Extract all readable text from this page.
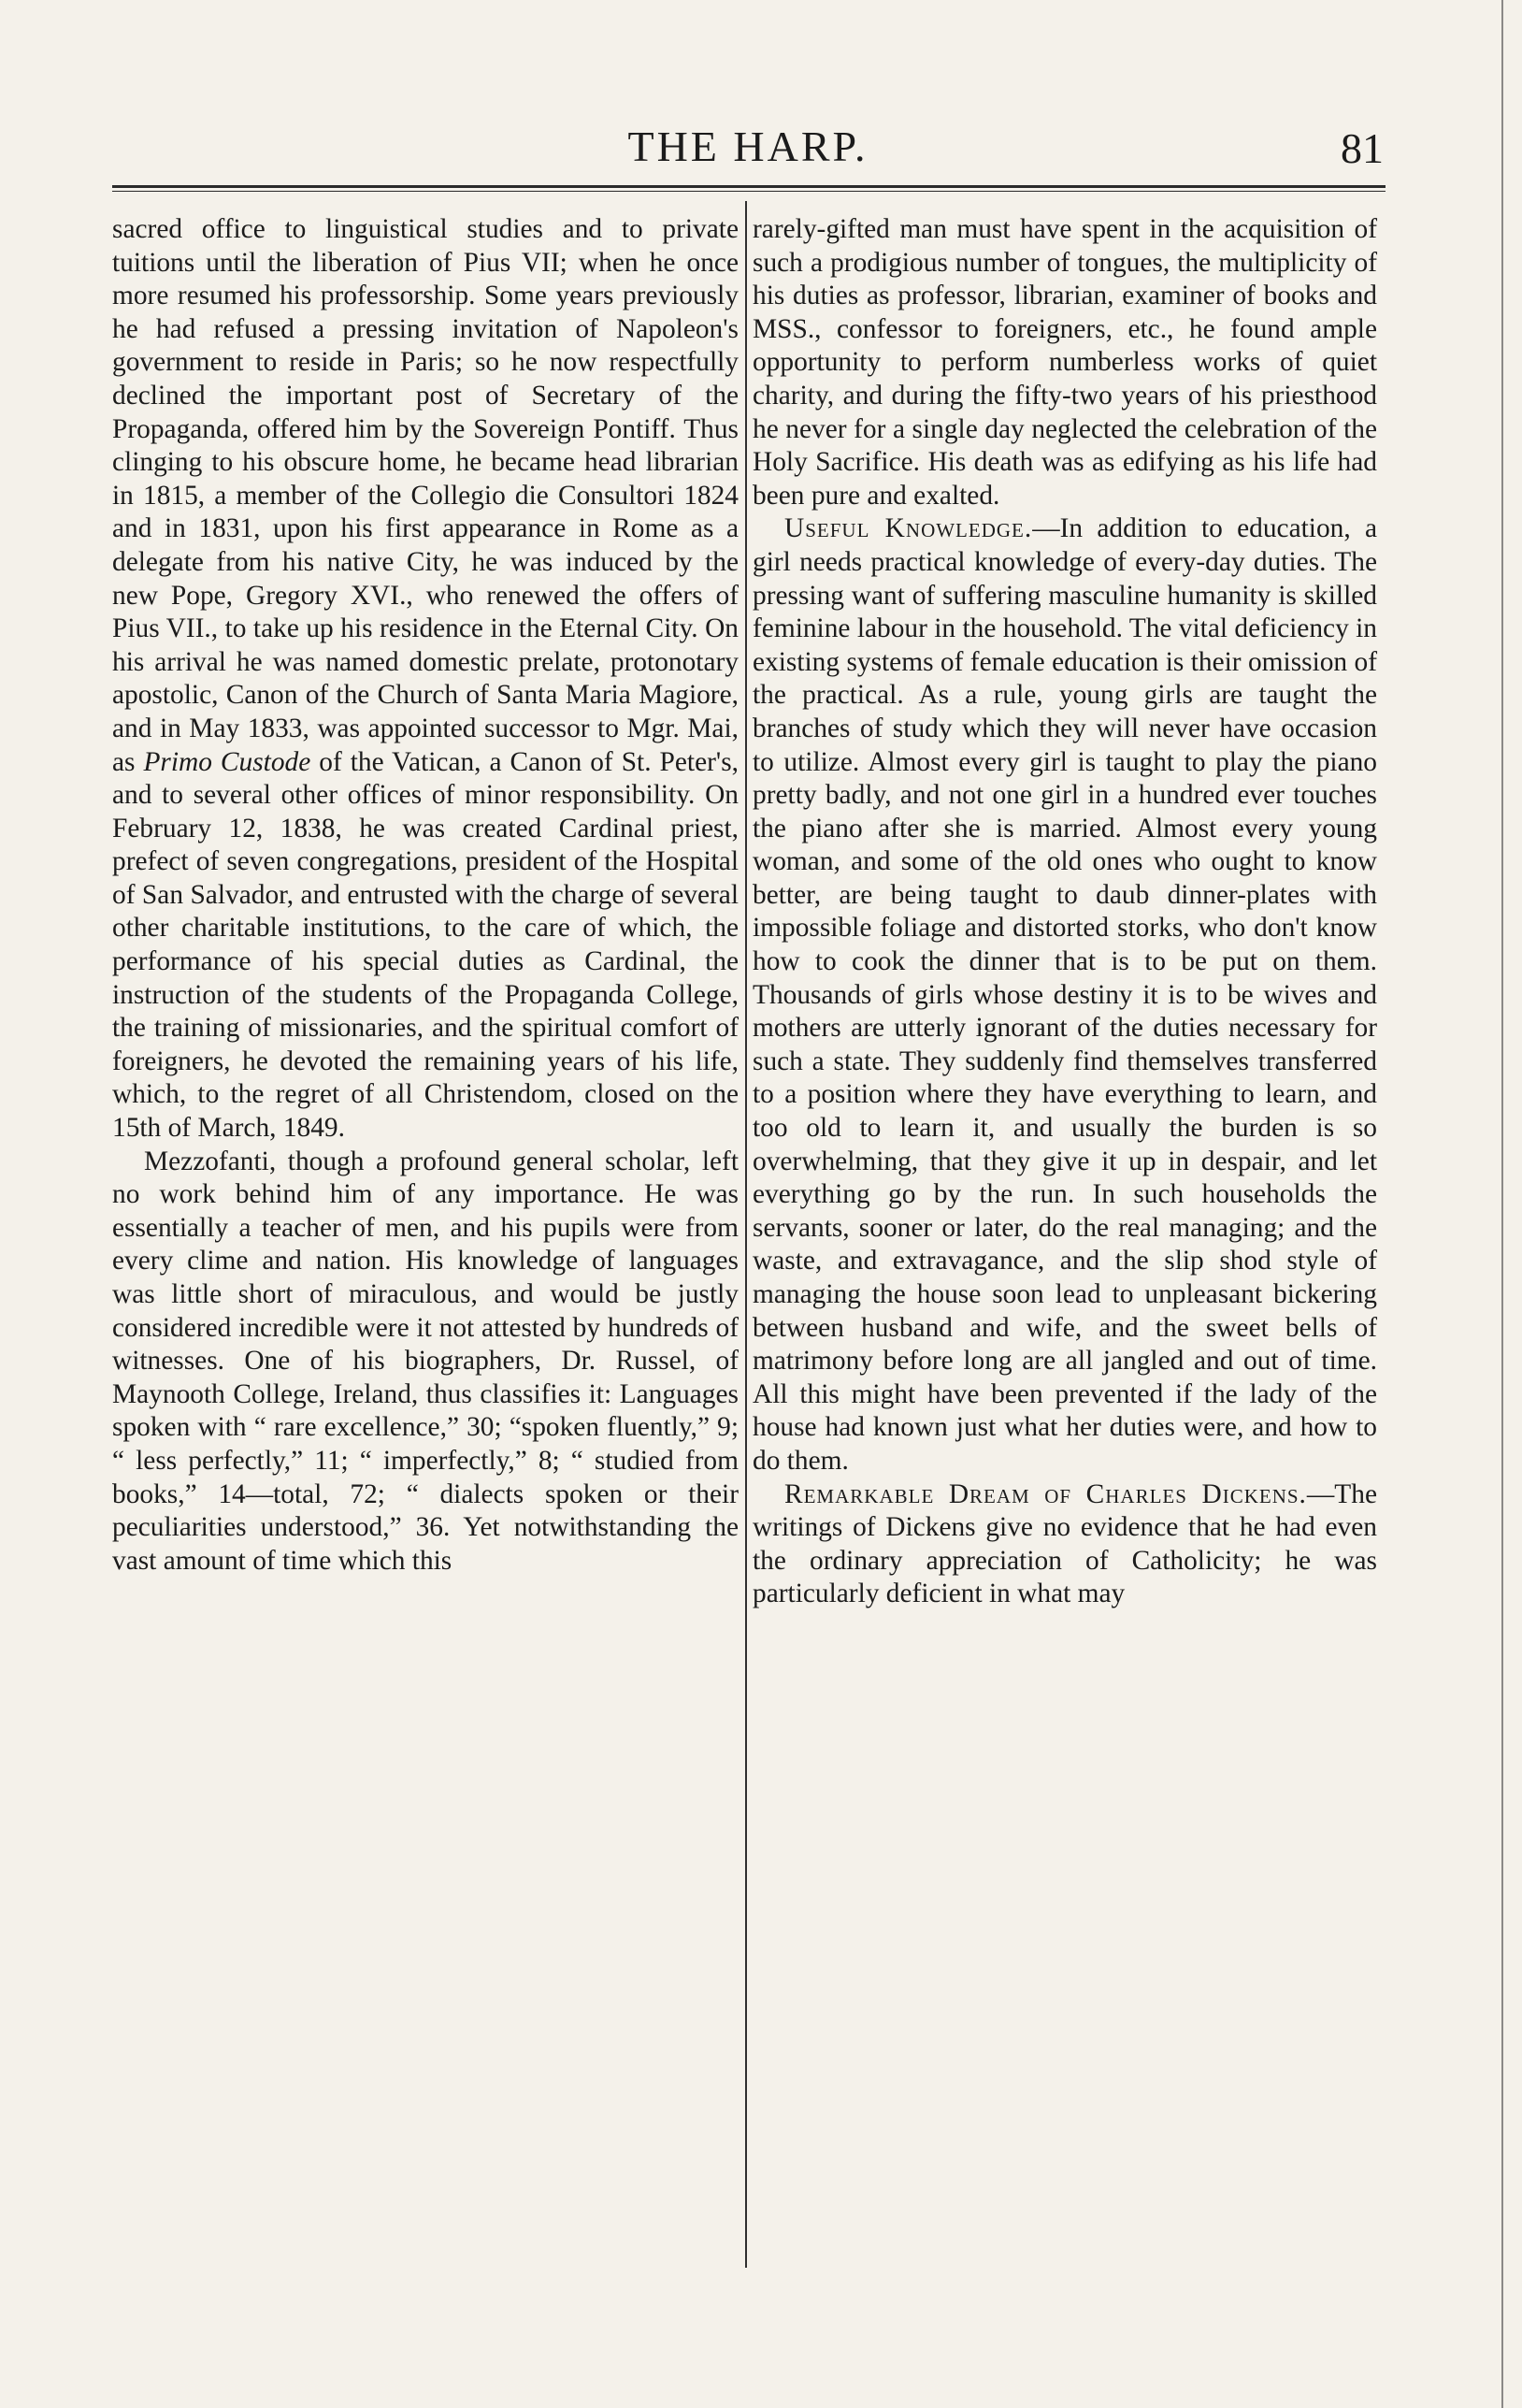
THE HARP.	81

sacred office to linguistical studies and to private tuitions until the liberation of Pius VII; when he once more resumed his professorship. Some years previously he had refused a pressing invitation of Napoleon's government to reside in Paris; so he now respectfully declined the important post of Secretary of the Propaganda, offered him by the Sovereign Pontiff. Thus clinging to his obscure home, he became head librarian in 1815, a member of the Collegio die Consultori 1824 and in 1831, upon his first appearance in Rome as a delegate from his native City, he was induced by the new Pope, Gregory XVI., who renewed the offers of Pius VII., to take up his residence in the Eternal City. On his arrival he was named domestic prelate, protonotary apostolic, Canon of the Church of Santa Maria Magiore, and in May 1833, was appointed successor to Mgr. Mai, as Primo Custode of the Vatican, a Canon of St. Peter's, and to several other offices of minor responsibility. On February 12, 1838, he was created Cardinal priest, prefect of seven congregations, president of the Hospital of San Salvador, and entrusted with the charge of several other charitable institutions, to the care of which, the performance of his special duties as Cardinal, the instruction of the students of the Propaganda College, the training of missionaries, and the spiritual comfort of foreigners, he devoted the remaining years of his life, which, to the regret of all Christendom, closed on the 15th of March, 1849.

Mezzofanti, though a profound general scholar, left no work behind him of any importance. He was essentially a teacher of men, and his pupils were from every clime and nation. His knowledge of languages was little short of miraculous, and would be justly considered incredible were it not attested by hundreds of witnesses. One of his biographers, Dr. Russel, of Maynooth College, Ireland, thus classifies it: Languages spoken with “ rare excellence,” 30; “spoken fluently,” 9; “ less perfectly,” 11; “ imperfectly,” 8; “ studied from books,” 14—total, 72; “ dialects spoken or their peculiarities understood,” 36. Yet notwithstanding the vast amount of time which this

rarely-gifted man must have spent in the acquisition of such a prodigious number of tongues, the multiplicity of his duties as professor, librarian, examiner of books and MSS., confessor to foreigners, etc., he found ample opportunity to perform numberless works of quiet charity, and during the fifty-two years of his priesthood he never for a single day neglected the celebration of the Holy Sacrifice. His death was as edifying as his life had been pure and exalted.

Useful Knowledge.—In addition to education, a girl needs practical knowledge of every-day duties. The pressing want of suffering masculine humanity is skilled feminine labour in the household. The vital deficiency in existing systems of female education is their omission of the practical. As a rule, young girls are taught the branches of study which they will never have occasion to utilize. Almost every girl is taught to play the piano pretty badly, and not one girl in a hundred ever touches the piano after she is married. Almost every young woman, and some of the old ones who ought to know better, are being taught to daub dinner-plates with impossible foliage and distorted storks, who don't know how to cook the dinner that is to be put on them. Thousands of girls whose destiny it is to be wives and mothers are utterly ignorant of the duties necessary for such a state. They suddenly find themselves transferred to a position where they have everything to learn, and too old to learn it, and usually the burden is so overwhelming, that they give it up in despair, and let everything go by the run. In such households the servants, sooner or later, do the real managing; and the waste, and extravagance, and the slip shod style of managing the house soon lead to unpleasant bickering between husband and wife, and the sweet bells of matrimony before long are all jangled and out of time. All this might have been prevented if the lady of the house had known just what her duties were, and how to do them.

Remarkable Dream of Charles Dickens.—The writings of Dickens give no evidence that he had even the ordinary appreciation of Catholicity; he was particularly deficient in what may
